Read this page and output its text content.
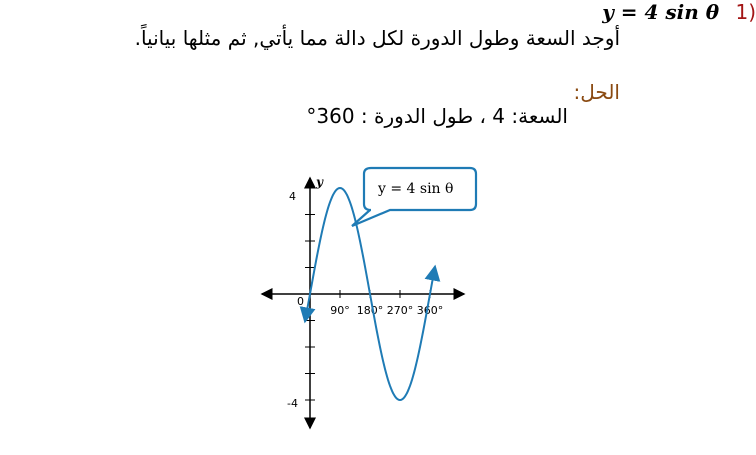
أوجد السعة وطول الدورة لكل دالة مما يأتي, ثم مثلها بيانياً.
y = 4 sin θ 1)
الحل:
السعة: 4 ، طول الدورة : 360°
90° 180° 270° 360°
y
0
4
-4
y = 4 sin θ
